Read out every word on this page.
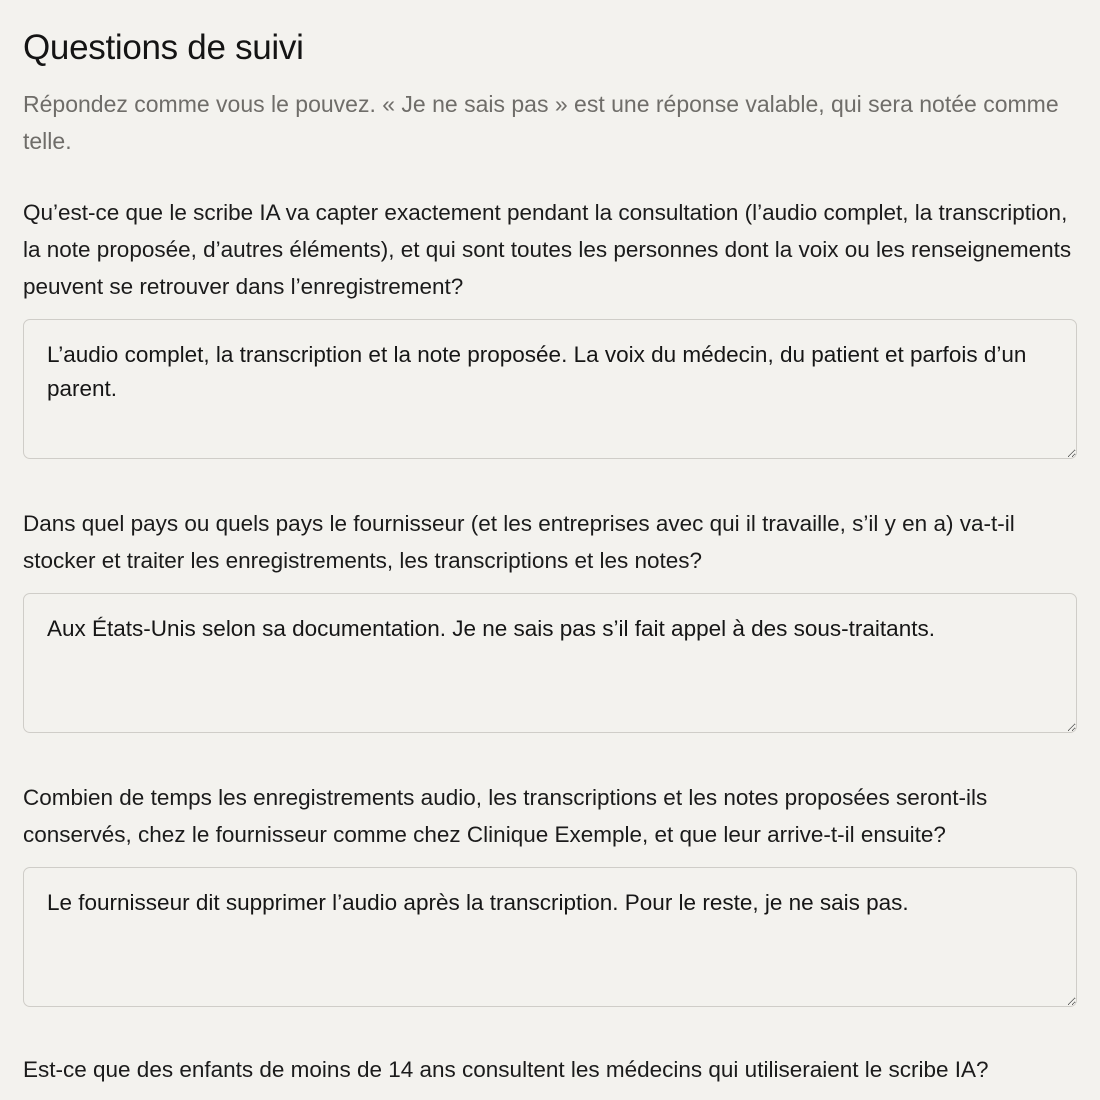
Questions de suivi

Répondez comme vous le pouvez. « Je ne sais pas » est une réponse valable, qui sera notée comme telle.

Qu’est-ce que le scribe IA va capter exactement pendant la consultation (l’audio complet, la transcription, la note proposée, d’autres éléments), et qui sont toutes les personnes dont la voix ou les renseignements peuvent se retrouver dans l’enregistrement?
L’audio complet, la transcription et la note proposée. La voix du médecin, du patient et parfois d’un parent.
Dans quel pays ou quels pays le fournisseur (et les entreprises avec qui il travaille, s’il y en a) va-t-il stocker et traiter les enregistrements, les transcriptions et les notes?
Aux États-Unis selon sa documentation. Je ne sais pas s’il fait appel à des sous-traitants.
Combien de temps les enregistrements audio, les transcriptions et les notes proposées seront-ils conservés, chez le fournisseur comme chez Clinique Exemple, et que leur arrive-t-il ensuite?
Le fournisseur dit supprimer l’audio après la transcription. Pour le reste, je ne sais pas.
Est-ce que des enfants de moins de 14 ans consultent les médecins qui utiliseraient le scribe IA?
